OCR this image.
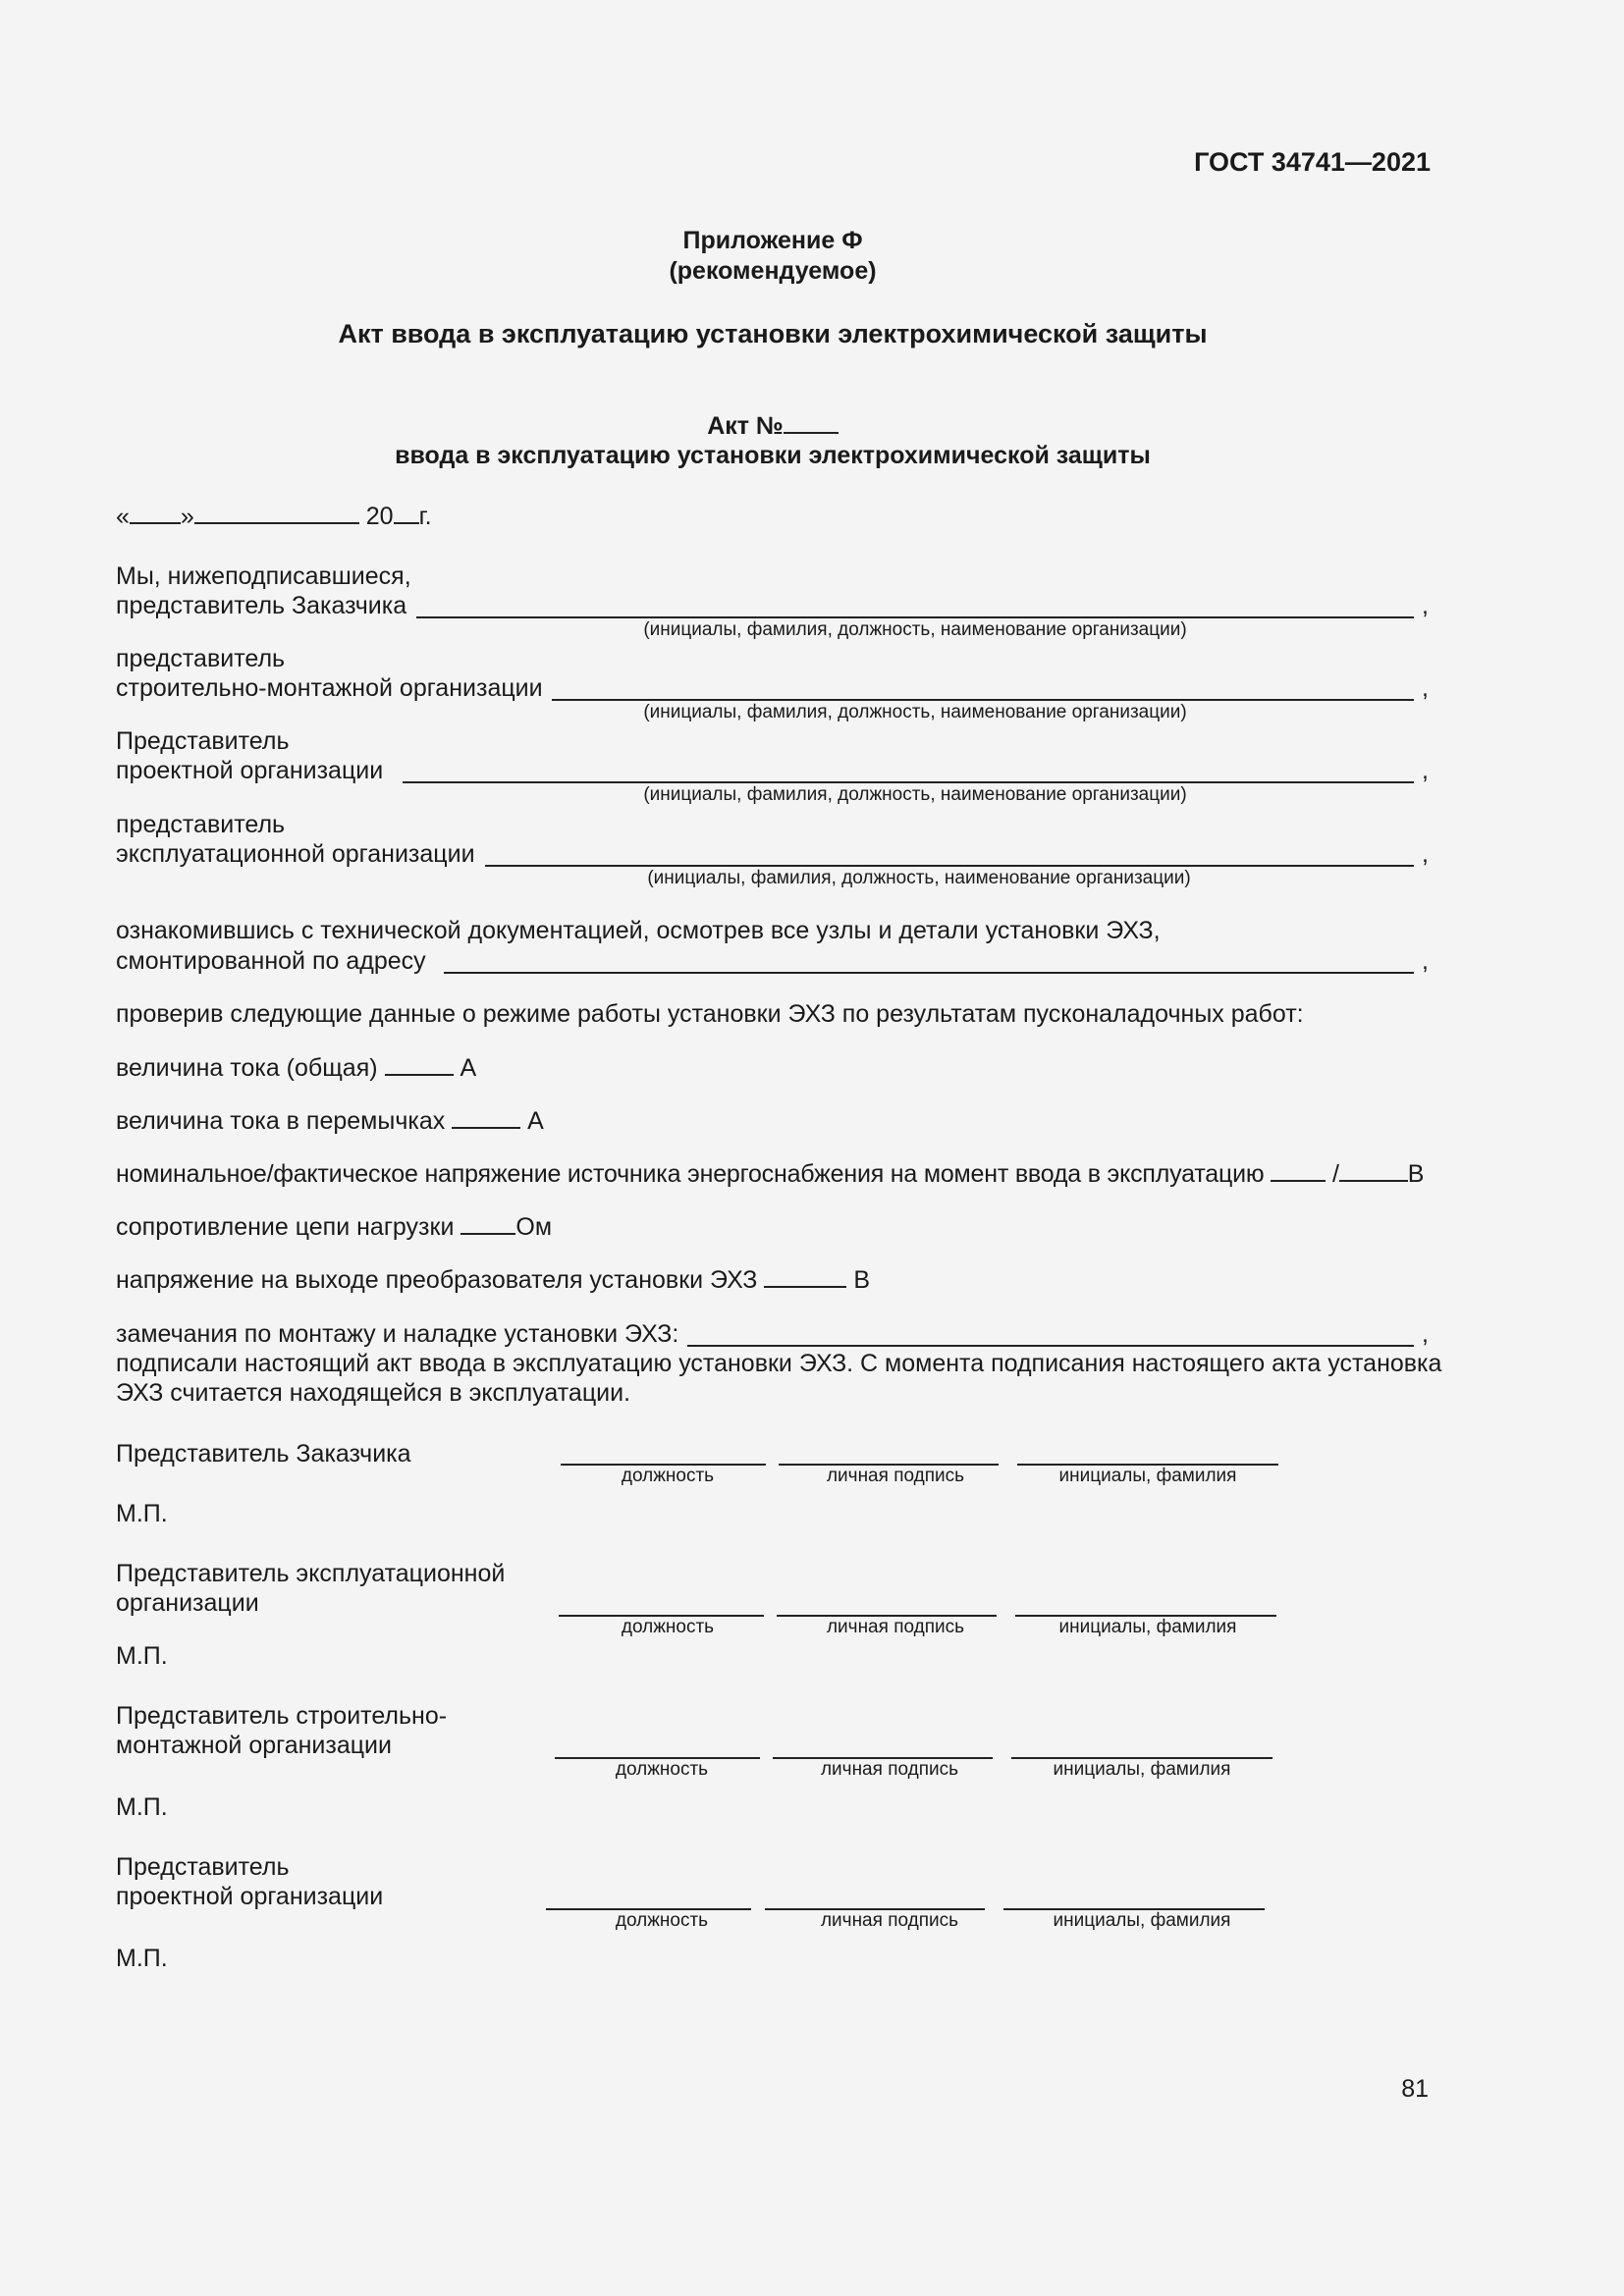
ГОСТ 34741—2021
Приложение Ф
(рекомендуемое)
Акт ввода в эксплуатацию установки электрохимической защиты
Акт №
ввода в эксплуатацию установки электрохимической защиты
« »	20 г.
Мы, нижеподписавшиеся,
представитель Заказчика	,
(инициалы, фамилия, должность, наименование организации)
представитель
строительно-монтажной организации	,
(инициалы, фамилия, должность, наименование организации)
Представитель
проектной организации	,
(инициалы, фамилия, должность, наименование организации)
представитель
эксплуатационной организации	,
(инициалы, фамилия, должность, наименование организации)
ознакомившись с технической документацией, осмотрев все узлы и детали установки ЭХЗ,
смонтированной по адресу	,
проверив следующие данные о режиме работы установки ЭХЗ по результатам пусконаладочных работ:
величина тока (общая)	А
величина тока в перемычках	А
номинальное/фактическое напряжение источника энергоснабжения на момент ввода в эксплуатацию	/	В
сопротивление цепи нагрузки	Ом
напряжение на выходе преобразователя установки ЭХЗ	В
замечания по монтажу и наладке установки ЭХЗ:	,
подписали настоящий акт ввода в эксплуатацию установки ЭХЗ. С момента подписания настоящего акта установка
ЭХЗ считается находящейся в эксплуатации.
Представитель Заказчика
должность	личная подпись	инициалы, фамилия
М.П.
Представитель эксплуатационной
организации
должность	личная подпись	инициалы, фамилия
М.П.
Представитель строительно-
монтажной организации
должность	личная подпись	инициалы, фамилия
М.П.
Представитель
проектной организации
должность	личная подпись	инициалы, фамилия
М.П.
81
